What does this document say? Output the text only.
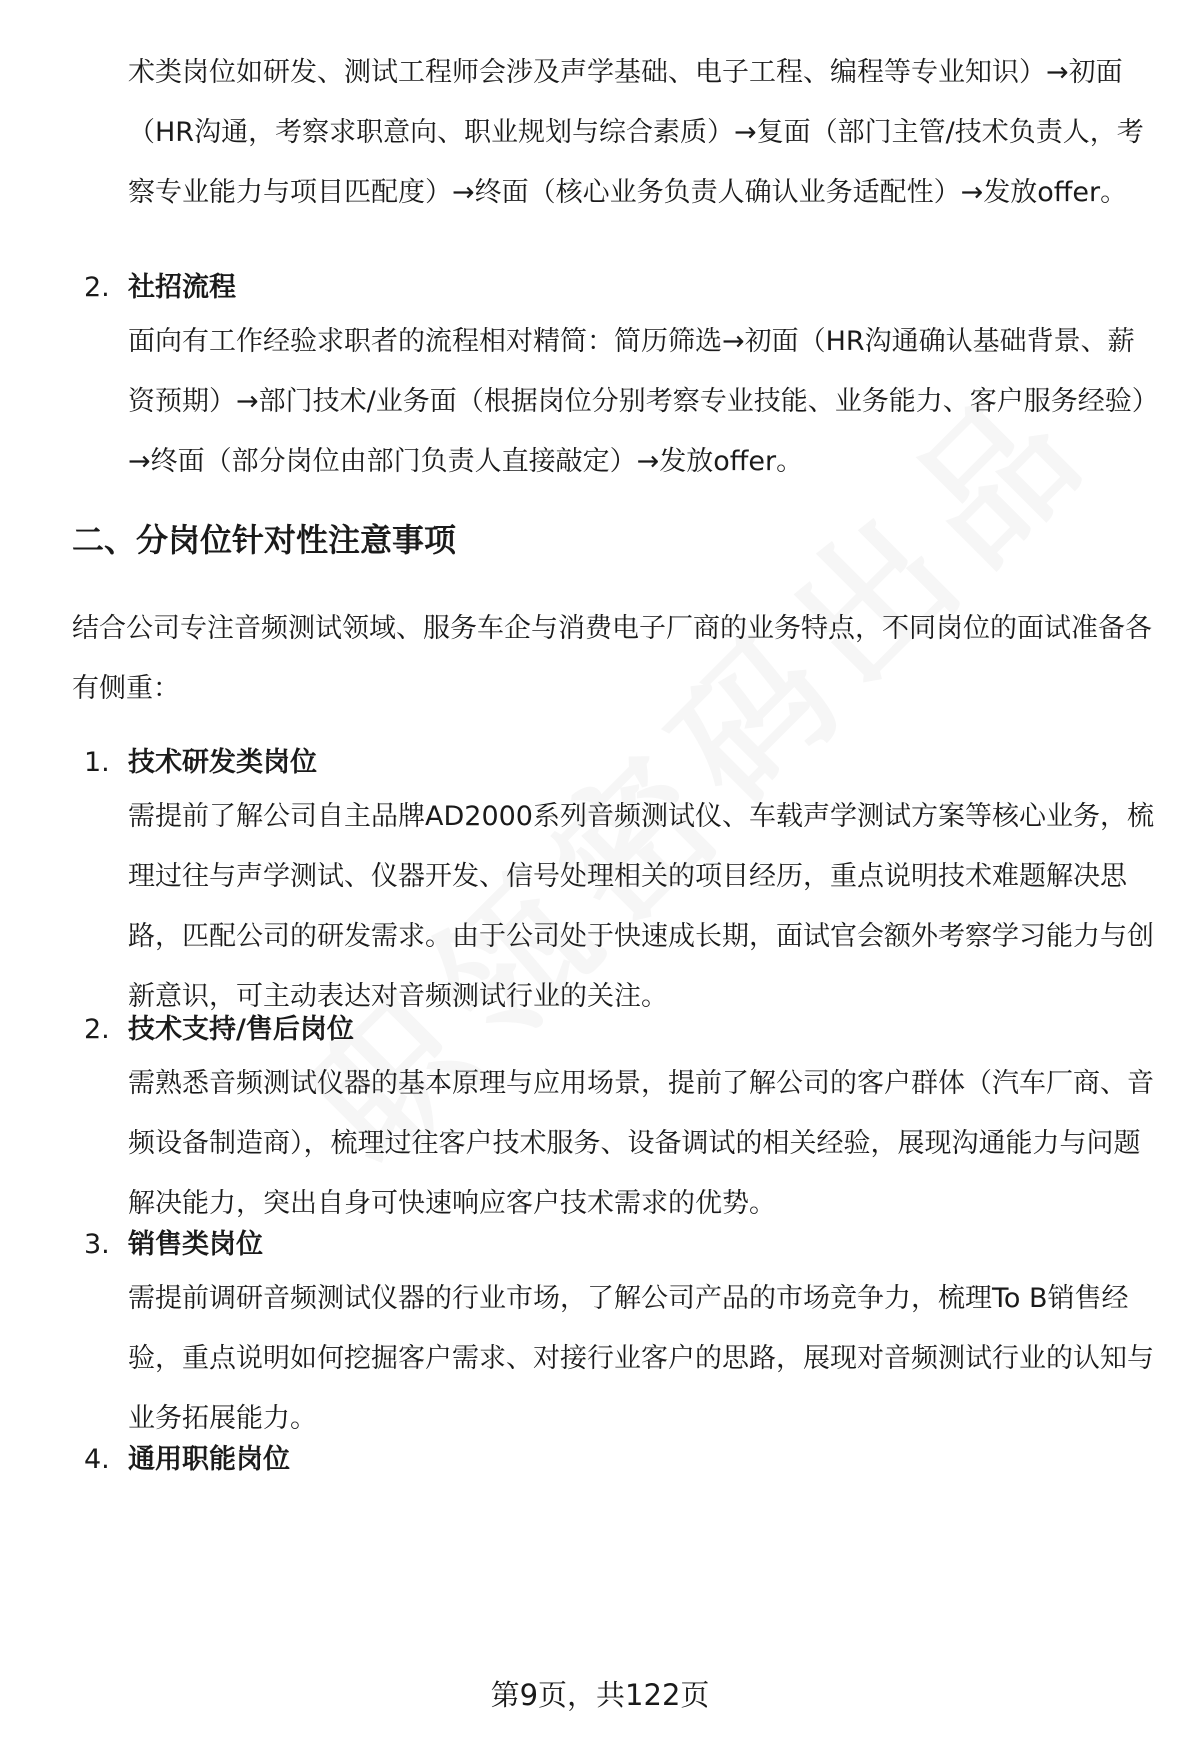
术类岗位如研发、测试工程师会涉及声学基础、电子工程、编程等专业知识）→初面（HR沟通，考察求职意向、职业规划与综合素质）→复面（部门主管/技术负责人，考察专业能力与项目匹配度）→终面（核心业务负责人确认业务适配性）→发放offer。

2. 社招流程

面向有工作经验求职者的流程相对精简：简历筛选→初面（HR沟通确认基础背景、薪资预期）→部门技术/业务面（根据岗位分别考察专业技能、业务能力、客户服务经验）→终面（部分岗位由部门负责人直接敲定）→发放offer。

二、分岗位针对性注意事项

结合公司专注音频测试领域、服务车企与消费电子厂商的业务特点，不同岗位的面试准备各有侧重：

1. 技术研发类岗位

需提前了解公司自主品牌AD2000系列音频测试仪、车载声学测试方案等核心业务，梳理过往与声学测试、仪器开发、信号处理相关的项目经历，重点说明技术难题解决思路，匹配公司的研发需求。由于公司处于快速成长期，面试官会额外考察学习能力与创新意识，可主动表达对音频测试行业的关注。

2. 技术支持/售后岗位

需熟悉音频测试仪器的基本原理与应用场景，提前了解公司的客户群体（汽车厂商、音频设备制造商），梳理过往客户技术服务、设备调试的相关经验，展现沟通能力与问题解决能力，突出自身可快速响应客户技术需求的优势。

3. 销售类岗位

需提前调研音频测试仪器的行业市场，了解公司产品的市场竞争力，梳理To B销售经验，重点说明如何挖掘客户需求、对接行业客户的思路，展现对音频测试行业的认知与业务拓展能力。

4. 通用职能岗位
第9页，共122页
